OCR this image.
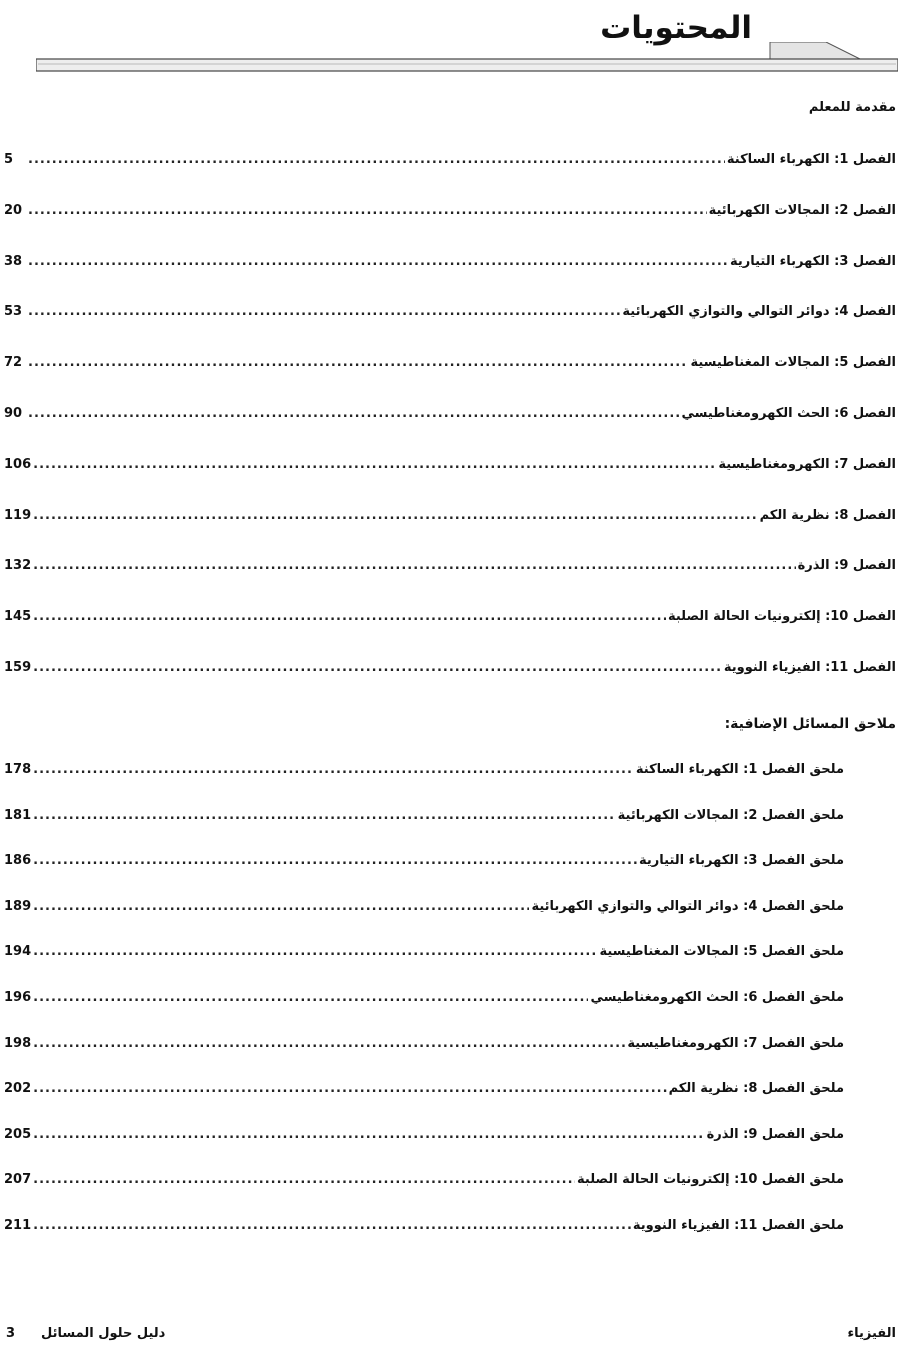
المحتويات
مقدمة للمعلم
الفصل 1: الكهرباء الساكنة
.....
5
الفصل 2: المجالات الكهربائية
.....
20
الفصل 3: الكهرباء التيارية
.....
38
الفصل 4: دوائر التوالي والتوازي الكهربائية
.....
53
الفصل 5: المجالات المغناطيسية
.....
72
الفصل 6: الحث الكهرومغناطيسي
.....
90
الفصل 7: الكهرومغناطيسية
.....
106
الفصل 8: نظرية الكم
.....
119
الفصل 9: الذرة
.....
132
الفصل 10: إلكترونيات الحالة الصلبة
.....
145
الفصل 11: الفيزياء النووية
.....
159
ملاحق المسائل الإضافية:
ملحق الفصل 1: الكهرباء الساكنة
.....
178
ملحق الفصل 2: المجالات الكهربائية
.....
181
ملحق الفصل 3: الكهرباء التيارية
.....
186
ملحق الفصل 4: دوائر التوالي والتوازي الكهربائية
.....
189
ملحق الفصل 5: المجالات المغناطيسية
.....
194
ملحق الفصل 6: الحث الكهرومغناطيسي
.....
196
ملحق الفصل 7: الكهرومغناطيسية
.....
198
ملحق الفصل 8: نظرية الكم
.....
202
ملحق الفصل 9: الذرة
.....
205
ملحق الفصل 10: إلكترونيات الحالة الصلبة
.....
207
ملحق الفصل 11: الفيزياء النووية
.....
211
الفيزياء
3 دليل حلول المسائل
